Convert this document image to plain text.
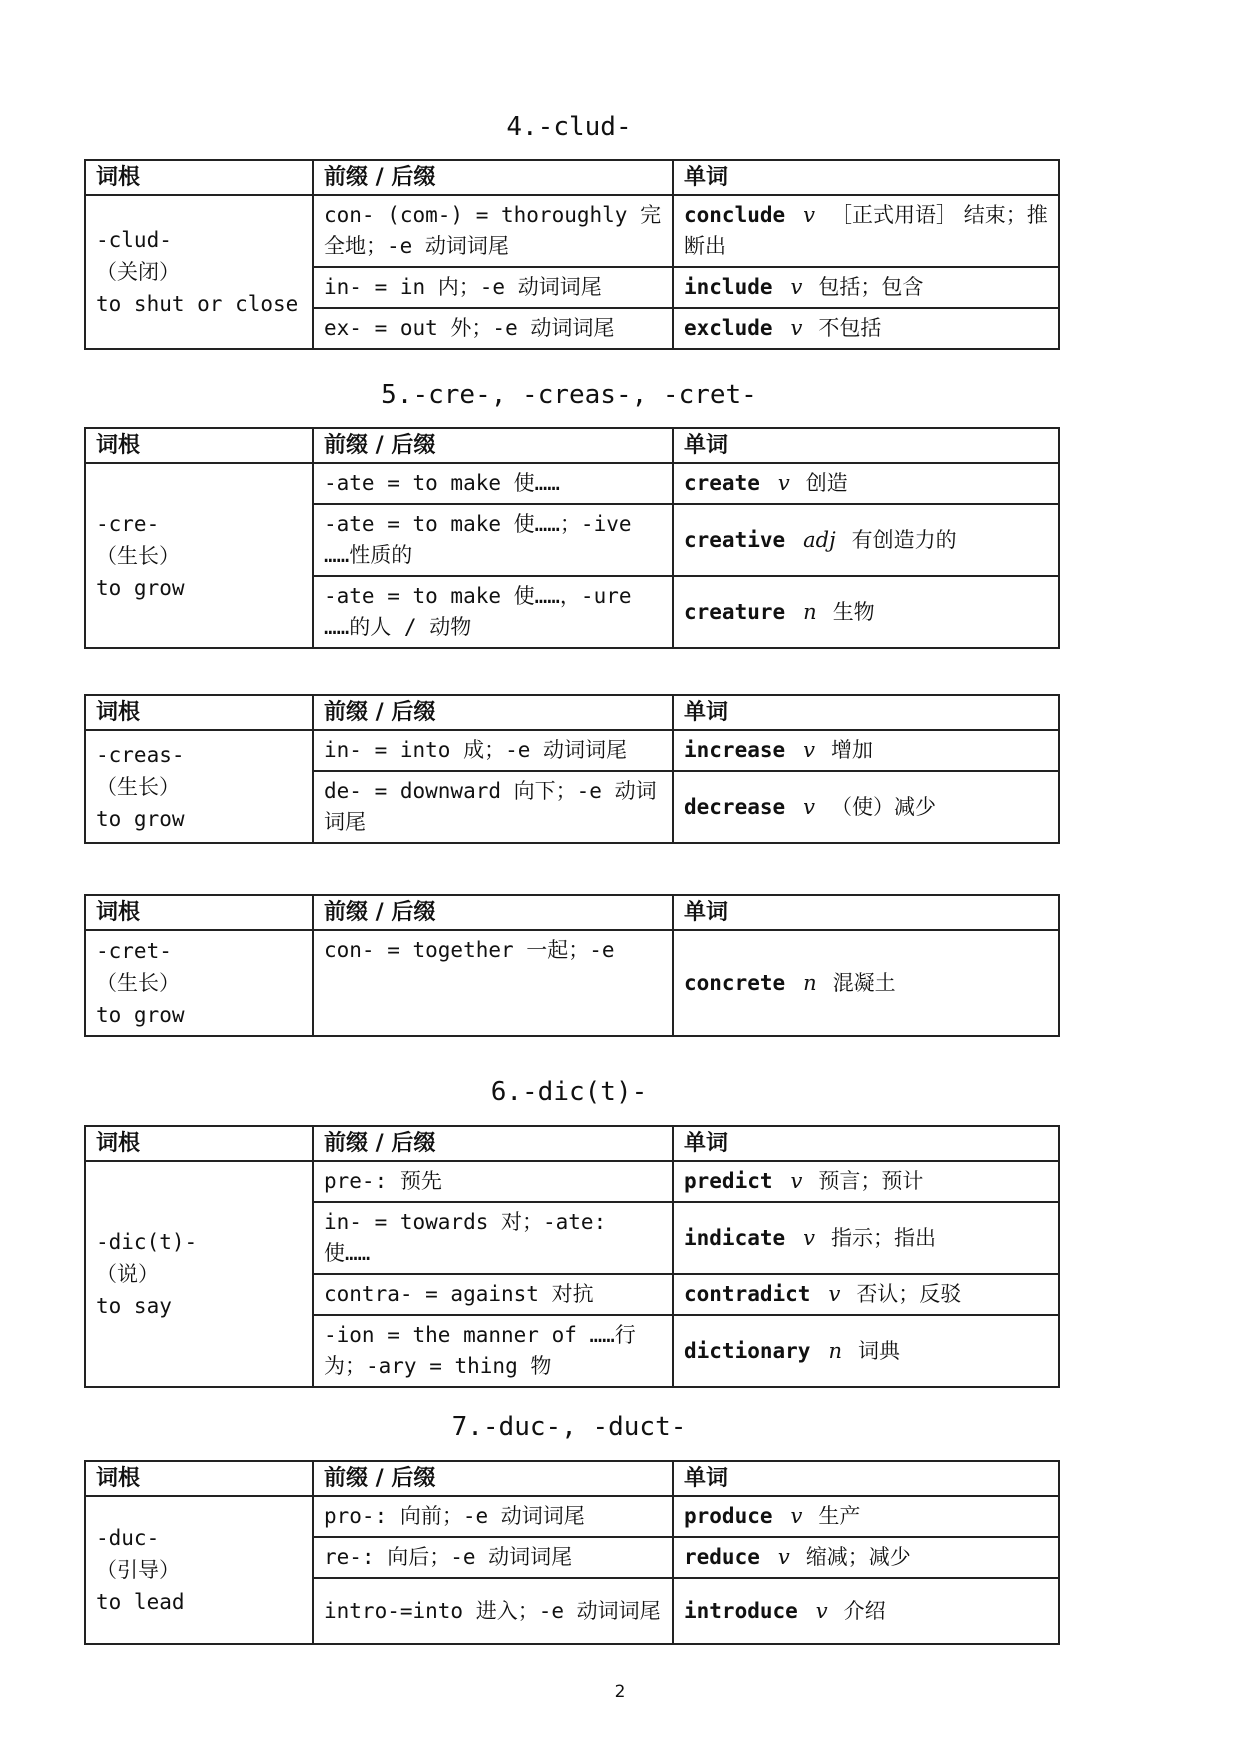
4.-clud-
词根	前缀 / 后缀	单词

-clud-
（关闭）
to shut or close	con- (com-) = thoroughly 完全地；-e 动词词尾	conclude v ［正式用语］ 结束；推断出
	in- = in 内；-e 动词词尾	include v 包括；包含
	ex- = out 外；-e 动词词尾	exclude v 不包括
5.-cre-, -creas-, -cret-
词根	前缀 / 后缀	单词

-cre-
（生长）
to grow	-ate = to make 使……	create v 创造
	-ate = to make 使……；-ive ……性质的	creative adj 有创造力的
	-ate = to make 使……，-ure ……的人 / 动物	creature n 生物
词根	前缀 / 后缀	单词

-creas-
（生长）
to grow	in- = into 成；-e 动词词尾	increase v 增加
	de- = downward 向下；-e 动词词尾	decrease v （使）减少
词根	前缀 / 后缀	单词

-cret-
（生长）
to grow	con- = together 一起；-e	concrete n 混凝土
6.-dic(t)-
词根	前缀 / 后缀	单词

-dic(t)-
（说）
to say	pre-: 预先	predict v 预言；预计
	in- = towards 对；-ate: 使……	indicate v 指示；指出
	contra- = against 对抗	contradict v 否认；反驳
	-ion = the manner of ……行为；-ary = thing 物	dictionary n 词典
7.-duc-, -duct-
词根	前缀 / 后缀	单词

-duc-
（引导）
to lead	pro-: 向前；-e 动词词尾	produce v 生产
	re-: 向后；-e 动词词尾	reduce v 缩减；减少
	intro-=into 进入；-e 动词词尾	introduce v 介绍
2
